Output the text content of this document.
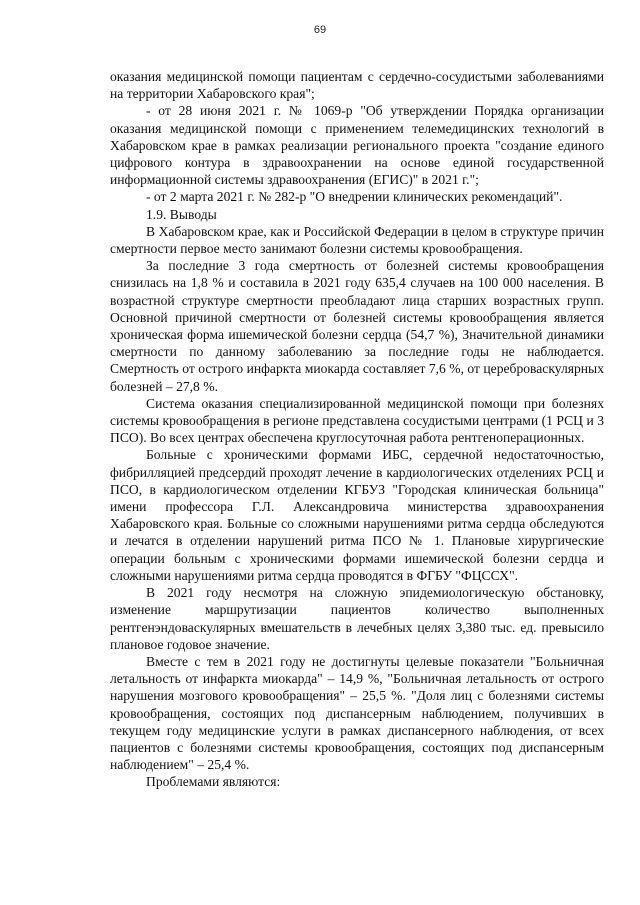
69

оказания медицинской помощи пациентам с сердечно-сосудистыми заболеваниями на территории Хабаровского края";

- от 28 июня 2021 г. № 1069-р "Об утверждении Порядка организации оказания медицинской помощи с применением телемедицинских технологий в Хабаровском крае в рамках реализации регионального проекта "создание единого цифрового контура в здравоохранении на основе единой государственной информационной системы здравоохранения (ЕГИС)" в 2021 г.";

- от 2 марта 2021 г. № 282-р "О внедрении клинических рекомендаций".

1.9. Выводы

В Хабаровском крае, как и Российской Федерации в целом в структуре причин смертности первое место занимают болезни системы кровообращения.

За последние 3 года смертность от болезней системы кровообращения снизилась на 1,8 % и составила в 2021 году 635,4 случаев на 100 000 населения. В возрастной структуре смертности преобладают лица старших возрастных групп. Основной причиной смертности от болезней системы кровообращения является хроническая форма ишемической болезни сердца (54,7 %), Значительной динамики смертности по данному заболеванию за последние годы не наблюдается. Смертность от острого инфаркта миокарда составляет 7,6 %, от цереброваскулярных болезней – 27,8 %.

Система оказания специализированной медицинской помощи при болезнях системы кровообращения в регионе представлена сосудистыми центрами (1 РСЦ и 3 ПСО). Во всех центрах обеспечена круглосуточная работа рентгеноперационных.

Больные с хроническими формами ИБС, сердечной недостаточностью, фибрилляцией предсердий проходят лечение в кардиологических отделениях РСЦ и ПСО, в кардиологическом отделении КГБУЗ "Городская клиническая больница" имени профессора Г.Л. Александровича министерства здравоохранения Хабаровского края. Больные со сложными нарушениями ритма сердца обследуются и лечатся в отделении нарушений ритма ПСО № 1. Плановые хирургические операции больным с хроническими формами ишемической болезни сердца и сложными нарушениями ритма сердца проводятся в ФГБУ "ФЦССХ".

В 2021 году несмотря на сложную эпидемиологическую обстановку, изменение маршрутизации пациентов количество выполненных рентгенэндоваскулярных вмешательств в лечебных целях 3,380 тыс. ед. превысило плановое годовое значение.

Вместе с тем в 2021 году не достигнуты целевые показатели "Больничная летальность от инфаркта миокарда" – 14,9 %, "Больничная летальность от острого нарушения мозгового кровообращения" – 25,5 %. "Доля лиц с болезнями системы кровообращения, состоящих под диспансерным наблюдением, получивших в текущем году медицинские услуги в рамках диспансерного наблюдения, от всех пациентов с болезнями системы кровообращения, состоящих под диспансерным наблюдением" – 25,4 %.

Проблемами являются:
